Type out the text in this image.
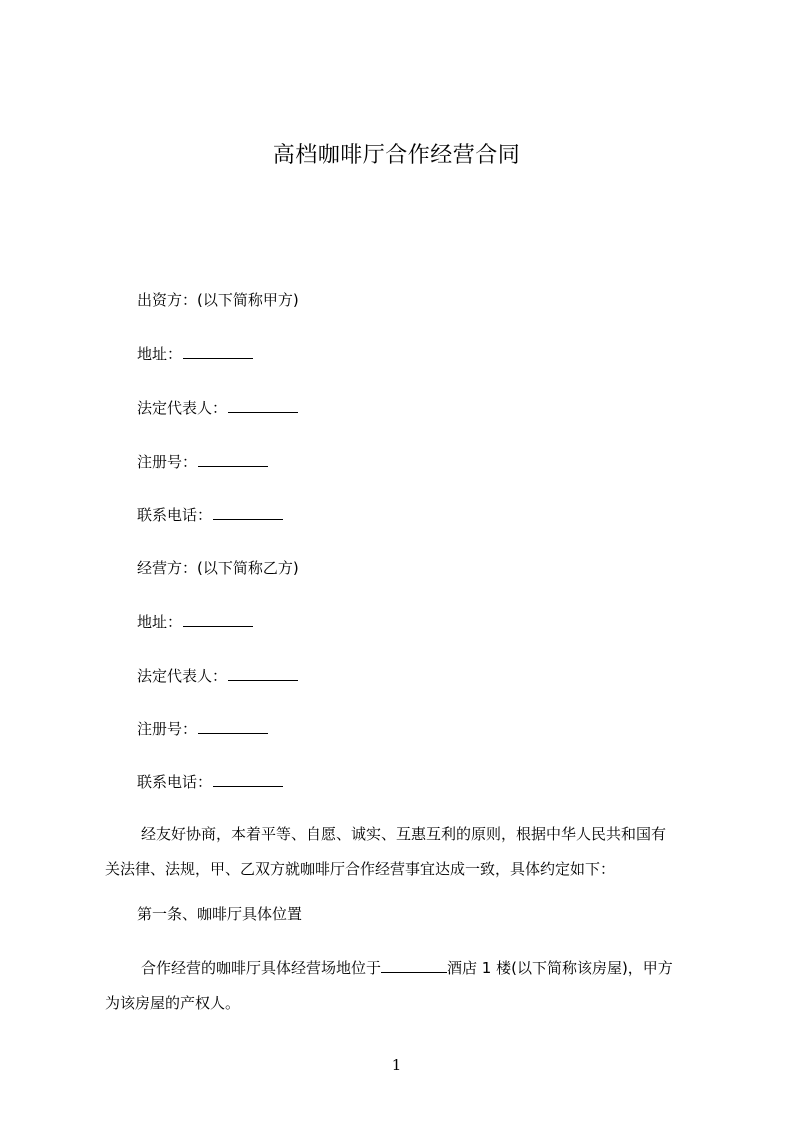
高档咖啡厅合作经营合同
出资方：(以下简称甲方)
地址：
法定代表人：
注册号：
联系电话：
经营方：(以下简称乙方)
地址：
法定代表人：
注册号：
联系电话：
经友好协商，本着平等、自愿、诚实、互惠互利的原则，根据中华人民共和国有
关法律、法规，甲、乙双方就咖啡厅合作经营事宜达成一致，具体约定如下：
第一条、咖啡厅具体位置
合作经营的咖啡厅具体经营场地位于	酒店 1 楼(以下简称该房屋)，甲方
为该房屋的产权人。
1
